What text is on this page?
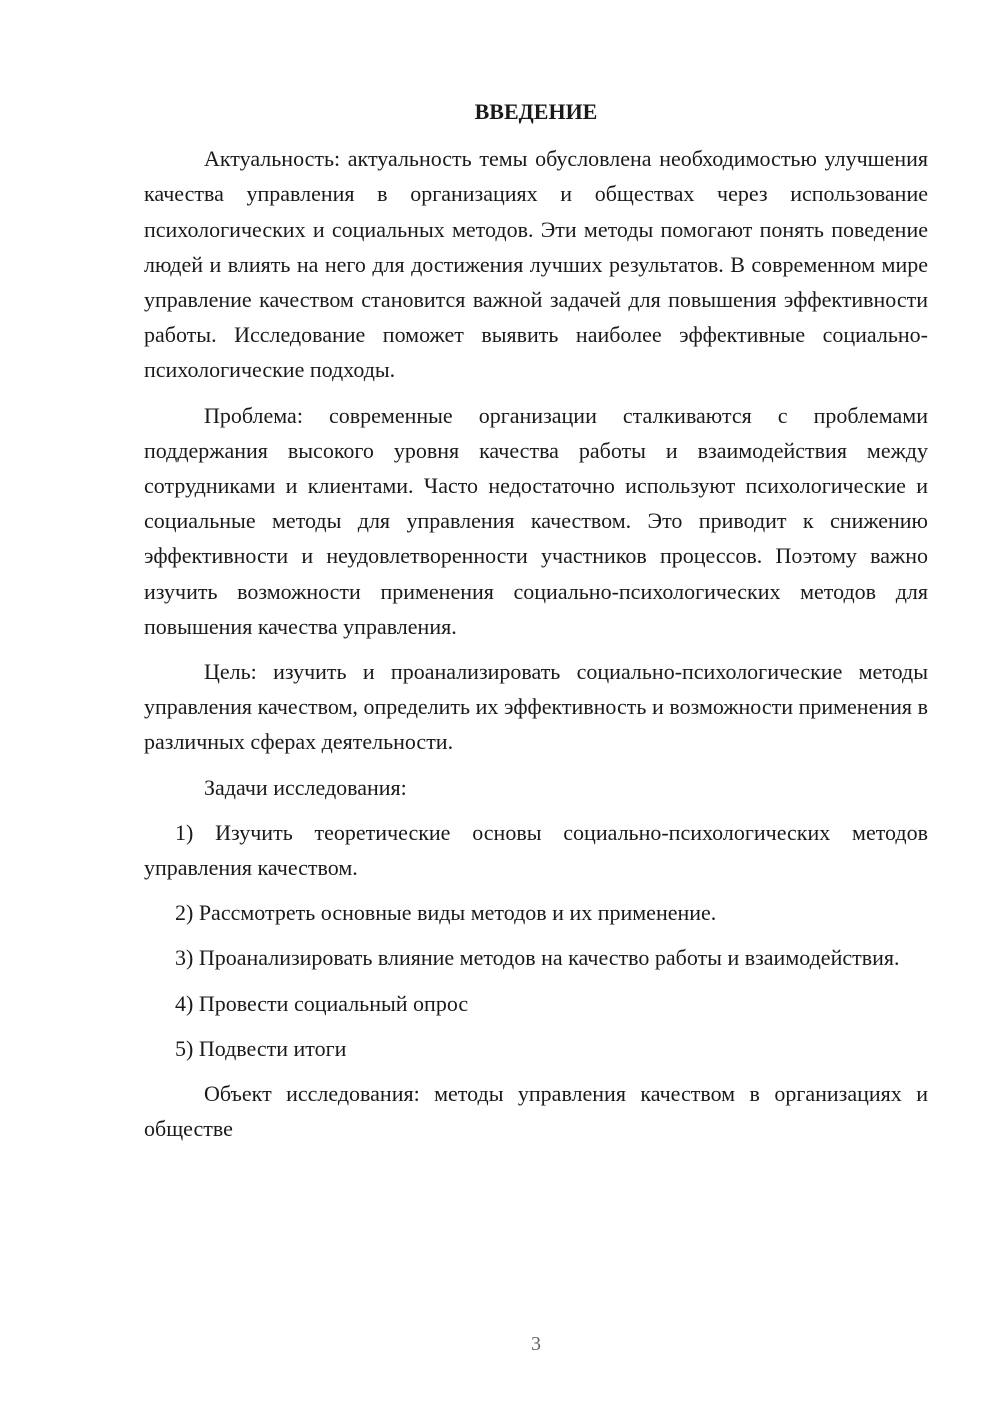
ВВЕДЕНИЕ

Актуальность: актуальность темы обусловлена необходимостью улучшения качества управления в организациях и обществах через использование психологических и социальных методов. Эти методы помогают понять поведение людей и влиять на него для достижения лучших результатов. В современном мире управление качеством становится важной задачей для повышения эффективности работы. Исследование поможет выявить наиболее эффективные социально-психологические подходы.

Проблема: современные организации сталкиваются с проблемами поддержания высокого уровня качества работы и взаимодействия между сотрудниками и клиентами. Часто недостаточно используют психологические и социальные методы для управления качеством. Это приводит к снижению эффективности и неудовлетворенности участников процессов. Поэтому важно изучить возможности применения социально-психологических методов для повышения качества управления.

Цель: изучить и проанализировать социально-психологические методы управления качеством, определить их эффективность и возможности применения в различных сферах деятельности.

Задачи исследования:

1) Изучить теоретические основы социально-психологических методов управления качеством.

2) Рассмотреть основные виды методов и их применение.

3) Проанализировать влияние методов на качество работы и взаимодействия.

4) Провести социальный опрос

5) Подвести итоги

Объект исследования: методы управления качеством в организациях и обществе

3
